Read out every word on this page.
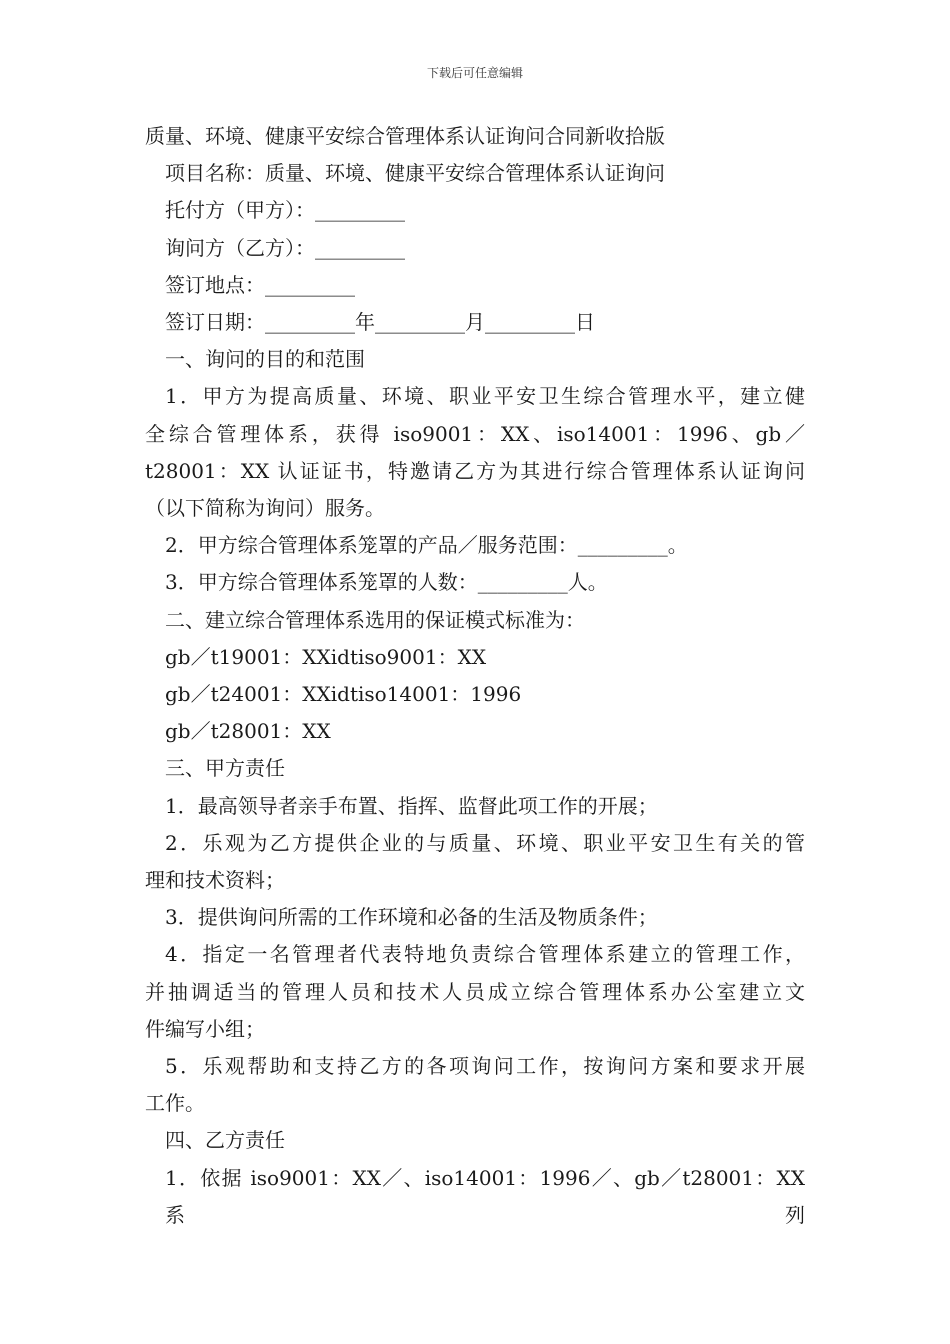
下载后可任意编辑

质量、环境、健康平安综合管理体系认证询问合同新收拾版

项目名称：质量、环境、健康平安综合管理体系认证询问

托付方（甲方）：_________

询问方（乙方）：_________

签订地点：_________

签订日期：_________年_________月_________日

一、询问的目的和范围

1．甲方为提高质量、环境、职业平安卫生综合管理水平，建立健

全综合管理体系，获得 iso9001：XX、iso14001：1996、gb／

t28001：XX 认证证书，特邀请乙方为其进行综合管理体系认证询问

（以下简称为询问）服务。

2．甲方综合管理体系笼罩的产品／服务范围：_________。

3．甲方综合管理体系笼罩的人数：_________人。

二、建立综合管理体系选用的保证模式标准为：

gb／t19001：XXidtiso9001：XX

gb／t24001：XXidtiso14001：1996

gb／t28001：XX

三、甲方责任

1．最高领导者亲手布置、指挥、监督此项工作的开展；

2．乐观为乙方提供企业的与质量、环境、职业平安卫生有关的管

理和技术资料；

3．提供询问所需的工作环境和必备的生活及物质条件；

4．指定一名管理者代表特地负责综合管理体系建立的管理工作，

并抽调适当的管理人员和技术人员成立综合管理体系办公室建立文

件编写小组；

5．乐观帮助和支持乙方的各项询问工作，按询问方案和要求开展

工作。

四、乙方责任

1．依据 iso9001：XX／、iso14001：1996／、gb／t28001：XX 系列
